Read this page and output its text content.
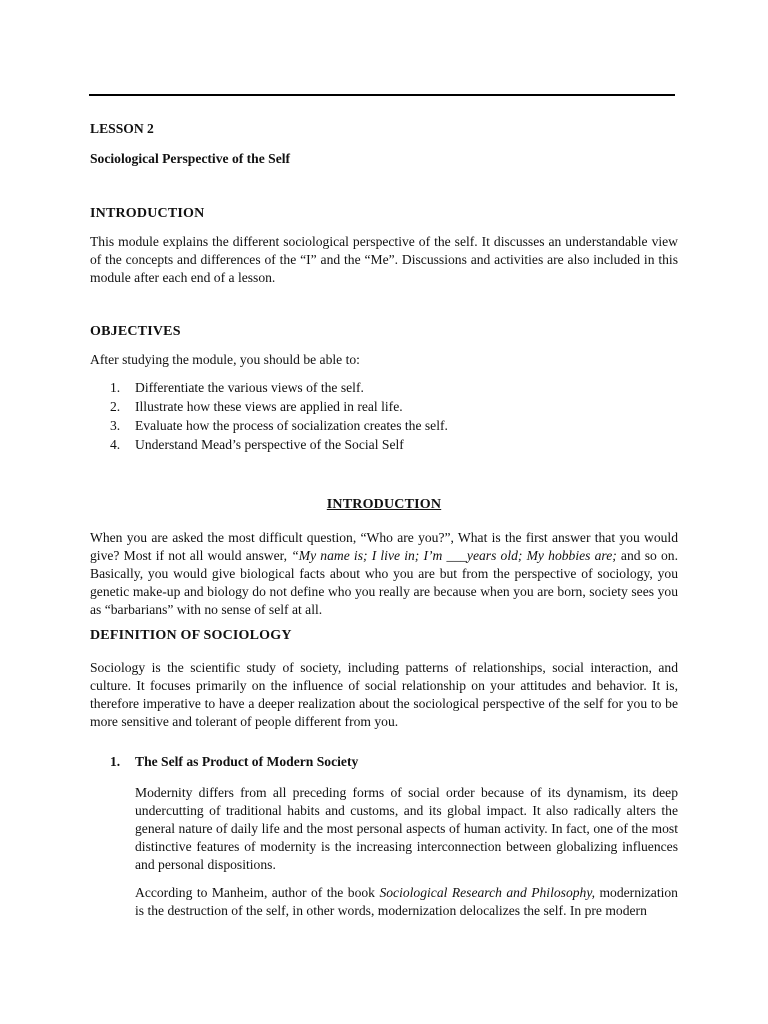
LESSON 2
Sociological Perspective of the Self
INTRODUCTION

This module explains the different sociological perspective of the self. It discusses an understandable view of the concepts and differences of the “I” and the “Me”. Discussions and activities are also included in this module after each end of a lesson.

OBJECTIVES
After studying the module, you should be able to:
1. Differentiate the various views of the self.
2. Illustrate how these views are applied in real life.
3. Evaluate how the process of socialization creates the self.
4. Understand Mead’s perspective of the Social Self
INTRODUCTION

When you are asked the most difficult question, “Who are you?”, What is the first answer that you would give? Most if not all would answer, “My name is; I live in; I’m ___years old; My hobbies are; and so on. Basically, you would give biological facts about who you are but from the perspective of sociology, you genetic make-up and biology do not define who you really are because when you are born, society sees you as “barbarians” with no sense of self at all.

DEFINITION OF SOCIOLOGY

Sociology is the scientific study of society, including patterns of relationships, social interaction, and culture. It focuses primarily on the influence of social relationship on your attitudes and behavior. It is, therefore imperative to have a deeper realization about the sociological perspective of the self for you to be more sensitive and tolerant of people different from you.

1. The Self as Product of Modern Society

Modernity differs from all preceding forms of social order because of its dynamism, its deep undercutting of traditional habits and customs, and its global impact. It also radically alters the general nature of daily life and the most personal aspects of human activity. In fact, one of the most distinctive features of modernity is the increasing interconnection between globalizing influences and personal dispositions.

According to Manheim, author of the book Sociological Research and Philosophy, modernization is the destruction of the self, in other words, modernization delocalizes the self. In pre modern
